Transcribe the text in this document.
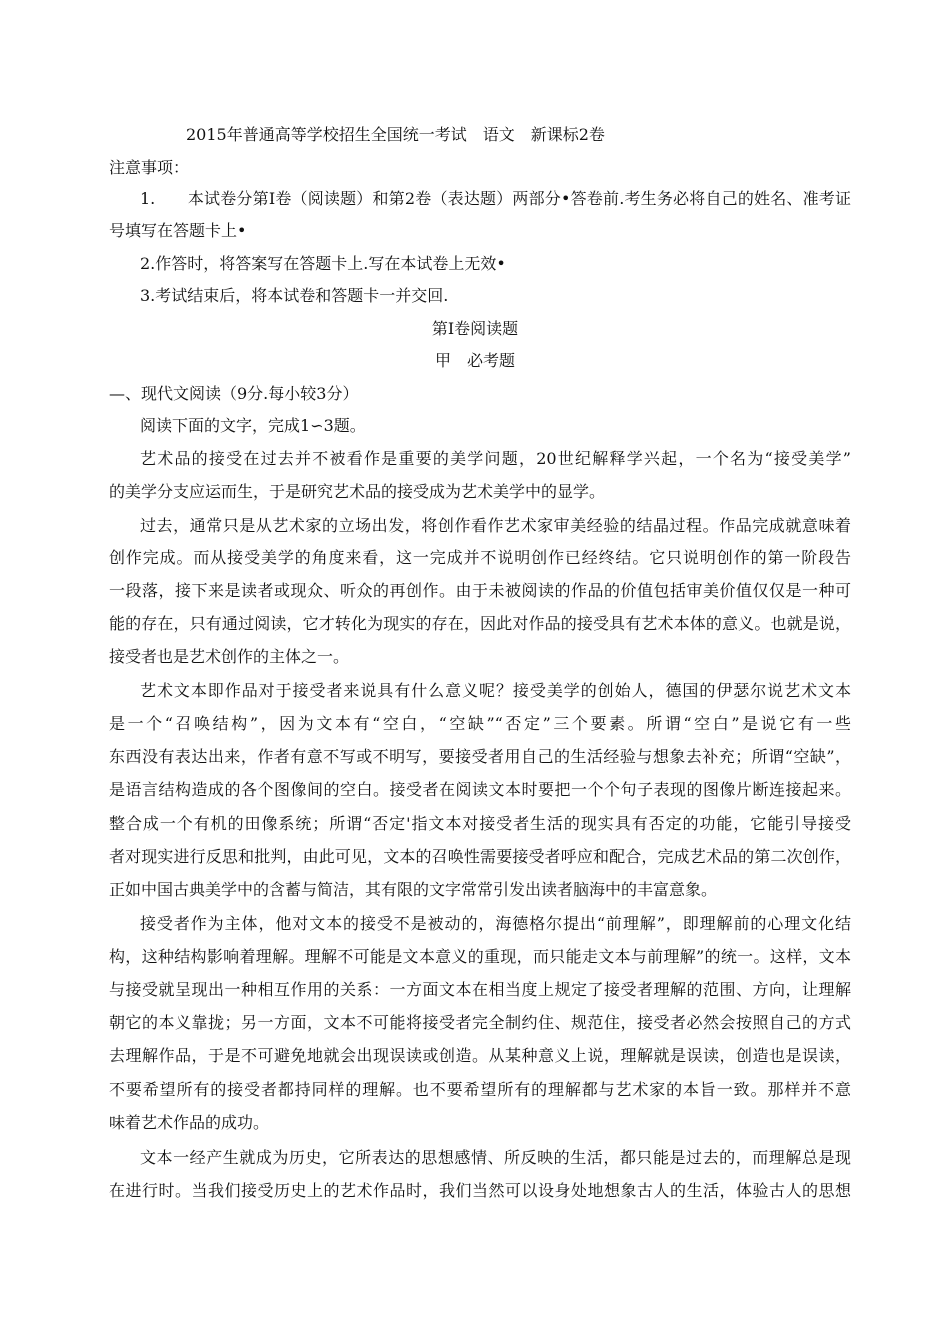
2015年普通高等学校招生全国统一考试　语文　新课标2卷
注意事项：
1.　　本试卷分第I卷（阅读题）和第2卷（表达题）两部分•答卷前.考生务必将自己的姓名、准考证
号填写在答题卡上•
2.作答时，将答案写在答题卡上.写在本试卷上无效•
3.考试结束后，将本试卷和答题卡一并交回.
第I卷阅读题
甲　必考题
—、现代文阅读（9分.每小较3分）
阅读下面的文字，完成1∽3题。
艺术品的接受在过去并不被看作是重要的美学问题，20世纪解释学兴起，一个名为“接受美学”
的美学分支应运而生，于是研究艺术品的接受成为艺术美学中的显学。
过去，通常只是从艺术家的立场出发，将创作看作艺术家审美经验的结晶过程。作品完成就意味着
创作完成。而从接受美学的角度来看，这一完成并不说明创作已经终结。它只说明创作的第一阶段告
一段落，接下来是读者或现众、听众的再创作。由于未被阅读的作品的价值包括审美价值仅仅是一种可
能的存在，只有通过阅读，它才转化为现实的存在，因此对作品的接受具有艺术本体的意义。也就是说，
接受者也是艺术创作的主体之一。
艺术文本即作品对于接受者来说具有什么意义呢？接受美学的创始人，德国的伊瑟尔说艺术文本
是一个“召唤结构”，因为文本有“空白，“空缺”“否定”三个要素。所谓“空白”是说它有一些
东西没有表达出来，作者有意不写或不明写，要接受者用自己的生活经验与想象去补充；所谓“空缺”，
是语言结构造成的各个图像间的空白。接受者在阅读文本时要把一个个句子表现的图像片断连接起来。
整合成一个有机的田像系统；所谓“否定'指文本对接受者生活的现实具有否定的功能，它能引导接受
者对现实进行反思和批判，由此可见，文本的召唤性需要接受者呼应和配合，完成艺术品的第二次创作，
正如中国古典美学中的含蓄与简洁，其有限的文字常常引发出读者脑海中的丰富意象。
接受者作为主体，他对文本的接受不是被动的，海德格尔提出“前理解”，即理解前的心理文化结
构，这种结构影响着理解。理解不可能是文本意义的重现，而只能走文本与前理解”的统一。这样，文本
与接受就呈现出一种相互作用的关系：一方面文本在相当度上规定了接受者理解的范围、方向，让理解
朝它的本义靠拢；另一方面，文本不可能将接受者完全制约住、规范住，接受者必然会按照自己的方式
去理解作品，于是不可避免地就会出现误读或创造。从某种意义上说，理解就是误读，创造也是误读，
不要希望所有的接受者都持同样的理解。也不要希望所有的理解都与艺术家的本旨一致。那样并不意
味着艺术作品的成功。
文本一经产生就成为历史，它所表达的思想感情、所反映的生活，都只能是过去的，而理解总是现
在进行时。当我们接受历史上的艺术作品时，我们当然可以设身处地想象古人的生活，体验古人的思想
